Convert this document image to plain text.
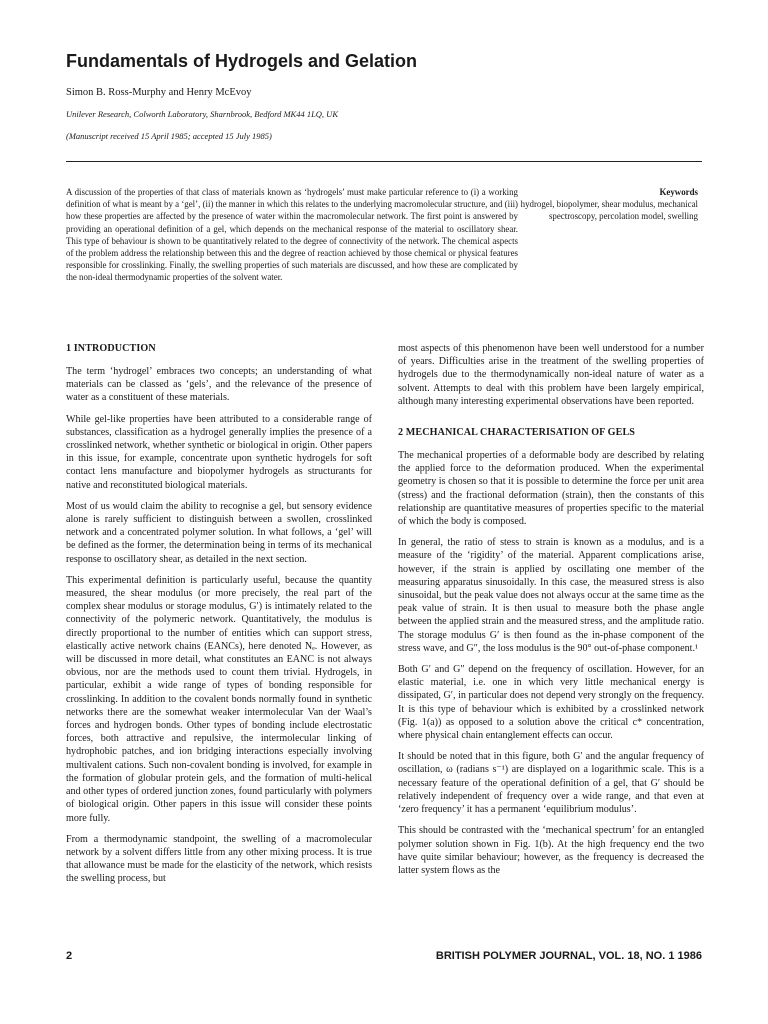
Fundamentals of Hydrogels and Gelation
Simon B. Ross-Murphy and Henry McEvoy
Unilever Research, Colworth Laboratory, Sharnbrook, Bedford MK44 1LQ, UK
(Manuscript received 15 April 1985; accepted 15 July 1985)

A discussion of the properties of that class of materials known as ‘hydrogels’ must make particular reference to (i) a working definition of what is meant by a ‘gel’, (ii) the manner in which this relates to the underlying macromolecular structure, and (iii) how these properties are affected by the presence of water within the macromolecular network. The first point is answered by providing an operational definition of a gel, which depends on the mechanical response of the material to oscillatory shear. This type of behaviour is shown to be quantitatively related to the degree of connectivity of the network. The chemical aspects of the problem address the relationship between this and the degree of reaction achieved by those chemical or physical features responsible for crosslinking. Finally, the swelling properties of such materials are discussed, and how these are complicated by the non-ideal thermodynamic properties of the solvent water.

Keywords
hydrogel, biopolymer, shear modulus, mechanical spectroscopy, percolation model, swelling
1 INTRODUCTION

The term ‘hydrogel’ embraces two concepts; an understanding of what materials can be classed as ‘gels’, and the relevance of the presence of water as a constituent of these materials.

While gel-like properties have been attributed to a considerable range of substances, classification as a hydrogel generally implies the presence of a crosslinked network, whether synthetic or biological in origin. Other papers in this issue, for example, concentrate upon synthetic hydrogels for soft contact lens manufacture and biopolymer hydrogels as structurants for native and reconstituted biological materials.

Most of us would claim the ability to recognise a gel, but sensory evidence alone is rarely sufficient to distinguish between a swollen, crosslinked network and a concentrated polymer solution. In what follows, a ‘gel’ will be defined as the former, the determination being in terms of its mechanical response to oscillatory shear, as detailed in the next section.

This experimental definition is particularly useful, because the quantity measured, the shear modulus (or more precisely, the real part of the complex shear modulus or storage modulus, G′) is intimately related to the connectivity of the polymeric network. Quantitatively, the modulus is directly proportional to the number of entities which can support stress, elastically active network chains (EANCs), here denoted Nₑ. However, as will be discussed in more detail, what constitutes an EANC is not always obvious, nor are the methods used to count them trivial. Hydrogels, in particular, exhibit a wide range of types of bonding responsible for crosslinking. In addition to the covalent bonds normally found in synthetic networks there are the somewhat weaker intermolecular Van der Waal’s forces and hydrogen bonds. Other types of bonding include electrostatic forces, both attractive and repulsive, the intermolecular linking of hydrophobic patches, and ion bridging interactions especially involving multivalent cations. Such non-covalent bonding is involved, for example in the formation of globular protein gels, and the formation of multi-helical and other types of ordered junction zones, found particularly with polymers of biological origin. Other papers in this issue will consider these points more fully.

From a thermodynamic standpoint, the swelling of a macromolecular network by a solvent differs little from any other mixing process. It is true that allowance must be made for the elasticity of the network, which resists the swelling process, but

most aspects of this phenomenon have been well understood for a number of years. Difficulties arise in the treatment of the swelling properties of hydrogels due to the thermodynamically non-ideal nature of water as a solvent. Attempts to deal with this problem have been largely empirical, although many interesting experimental observations have been reported.

2 MECHANICAL CHARACTERISATION OF GELS

The mechanical properties of a deformable body are described by relating the applied force to the deformation produced. When the experimental geometry is chosen so that it is possible to determine the force per unit area (stress) and the fractional deformation (strain), then the constants of this relationship are quantitative measures of properties specific to the material of which the body is composed.

In general, the ratio of stess to strain is known as a modulus, and is a measure of the ‘rigidity’ of the material. Apparent complications arise, however, if the strain is applied by oscillating one member of the measuring apparatus sinusoidally. In this case, the measured stress is also sinusoidal, but the peak value does not always occur at the same time as the peak value of strain. It is then usual to measure both the phase angle between the applied strain and the measured stress, and the amplitude ratio. The storage modulus G′ is then found as the in-phase component of the stress wave, and G″, the loss modulus is the 90° out-of-phase component.¹

Both G′ and G″ depend on the frequency of oscillation. However, for an elastic material, i.e. one in which very little mechanical energy is dissipated, G′, in particular does not depend very strongly on the frequency. It is this type of behaviour which is exhibited by a crosslinked network (Fig. 1(a)) as opposed to a solution above the critical c* concentration, where physical chain entanglement effects can occur.

It should be noted that in this figure, both G′ and the angular frequency of oscillation, ω (radians s⁻¹) are displayed on a logarithmic scale. This is a necessary feature of the operational definition of a gel, that G′ should be relatively independent of frequency over a wide range, and that even at ‘zero frequency’ it has a permanent ‘equilibrium modulus’.

This should be contrasted with the ‘mechanical spectrum’ for an entangled polymer solution shown in Fig. 1(b). At the high frequency end the two have quite similar behaviour; however, as the frequency is decreased the latter system flows as the

2	BRITISH POLYMER JOURNAL, VOL. 18, NO. 1 1986
